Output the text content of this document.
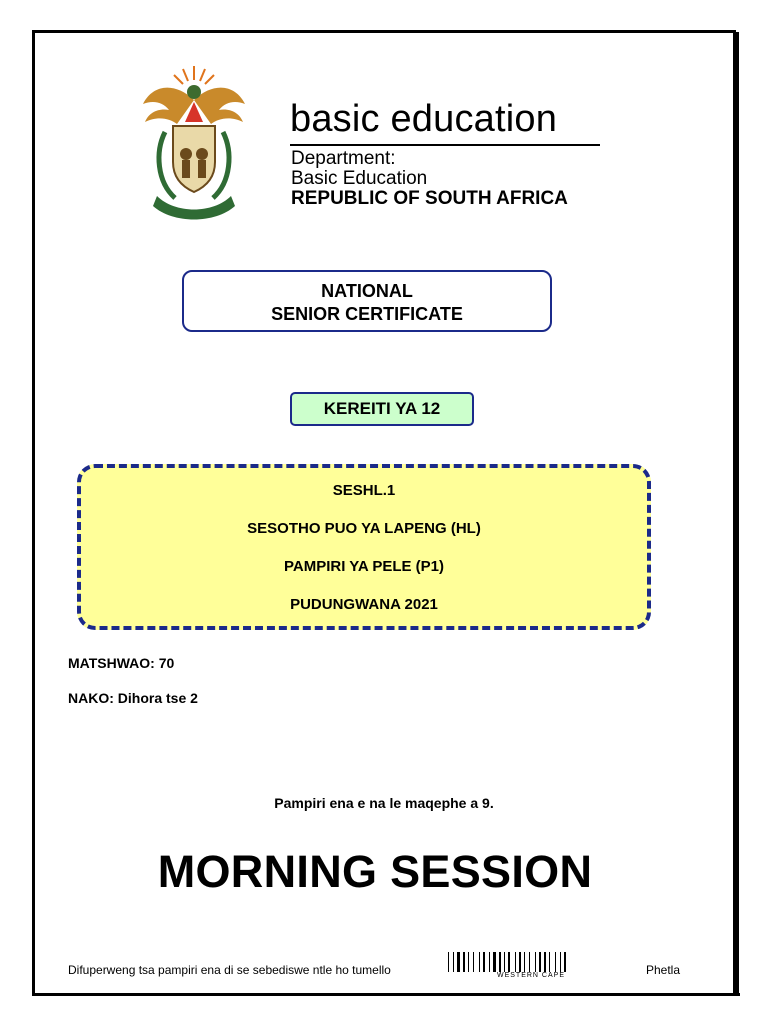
basic education
Department:
Basic Education
REPUBLIC OF SOUTH AFRICA
NATIONAL
SENIOR CERTIFICATE
KEREITI YA 12
SESHL.1
SESOTHO PUO YA LAPENG (HL)
PAMPIRI YA PELE (P1)
PUDUNGWANA 2021
MATSHWAO: 70
NAKO: Dihora tse 2
Pampiri ena e na le maqephe a 9.
MORNING SESSION
Difuperweng tsa pampiri ena di se sebediswe ntle ho tumello	WESTERN CAPE	Phetla
